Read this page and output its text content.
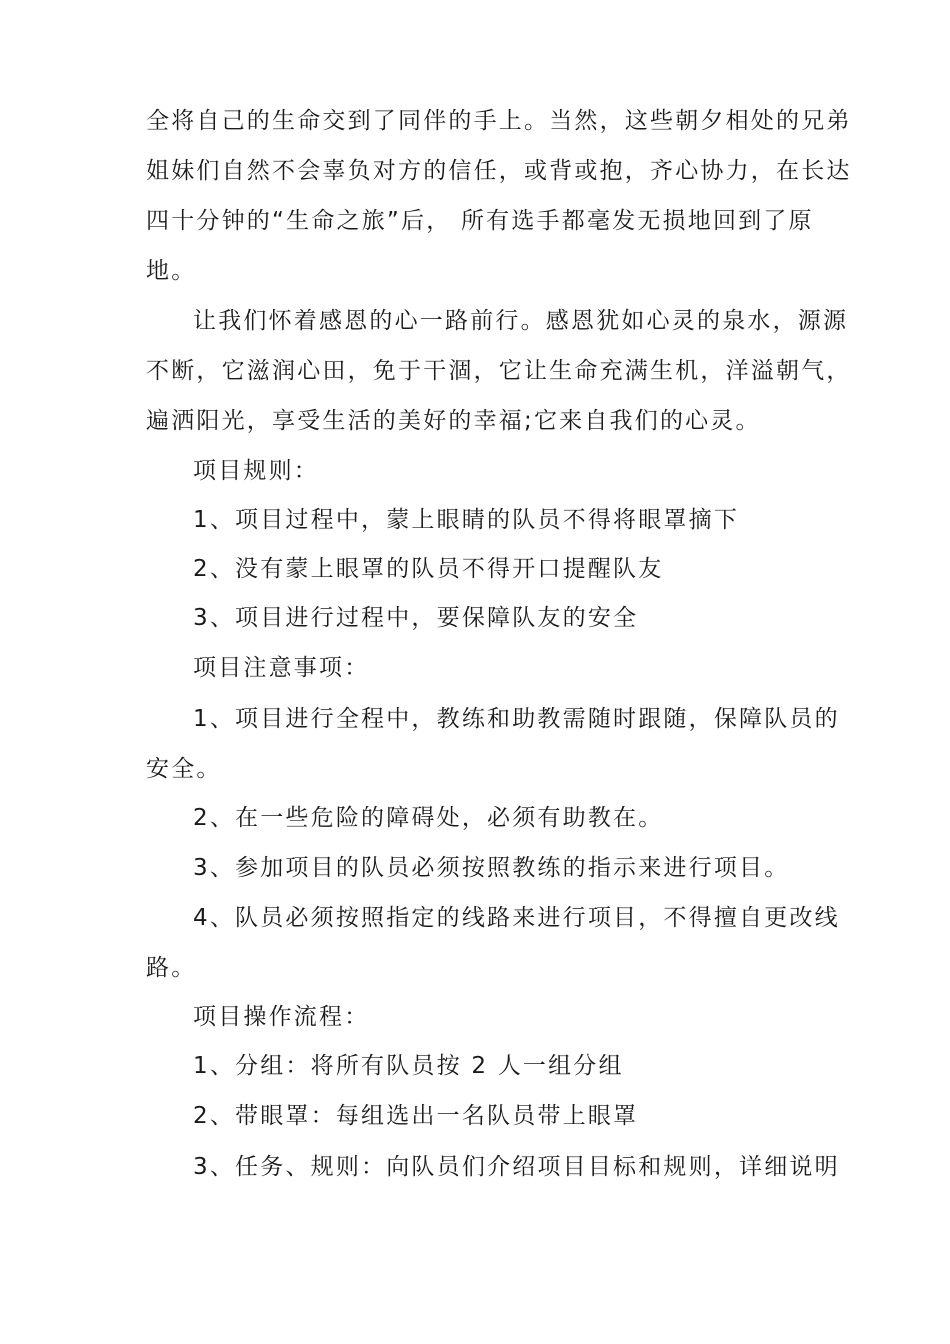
全将自己的生命交到了同伴的手上。当然，这些朝夕相处的兄弟
姐妹们自然不会辜负对方的信任，或背或抱，齐心协力，在长达
四十分钟的“生命之旅”后， 所有选手都毫发无损地回到了原
地。
让我们怀着感恩的心一路前行。感恩犹如心灵的泉水，源源
不断，它滋润心田，免于干涸，它让生命充满生机，洋溢朝气，
遍洒阳光，享受生活的美好的幸福;它来自我们的心灵。
项目规则：
1、项目过程中，蒙上眼睛的队员不得将眼罩摘下
2、没有蒙上眼罩的队员不得开口提醒队友
3、项目进行过程中，要保障队友的安全
项目注意事项：
1、项目进行全程中，教练和助教需随时跟随，保障队员的
安全。
2、在一些危险的障碍处，必须有助教在。
3、参加项目的队员必须按照教练的指示来进行项目。
4、队员必须按照指定的线路来进行项目，不得擅自更改线
路。
项目操作流程：
1、分组：将所有队员按 2 人一组分组
2、带眼罩：每组选出一名队员带上眼罩
3、任务、规则：向队员们介绍项目目标和规则，详细说明
